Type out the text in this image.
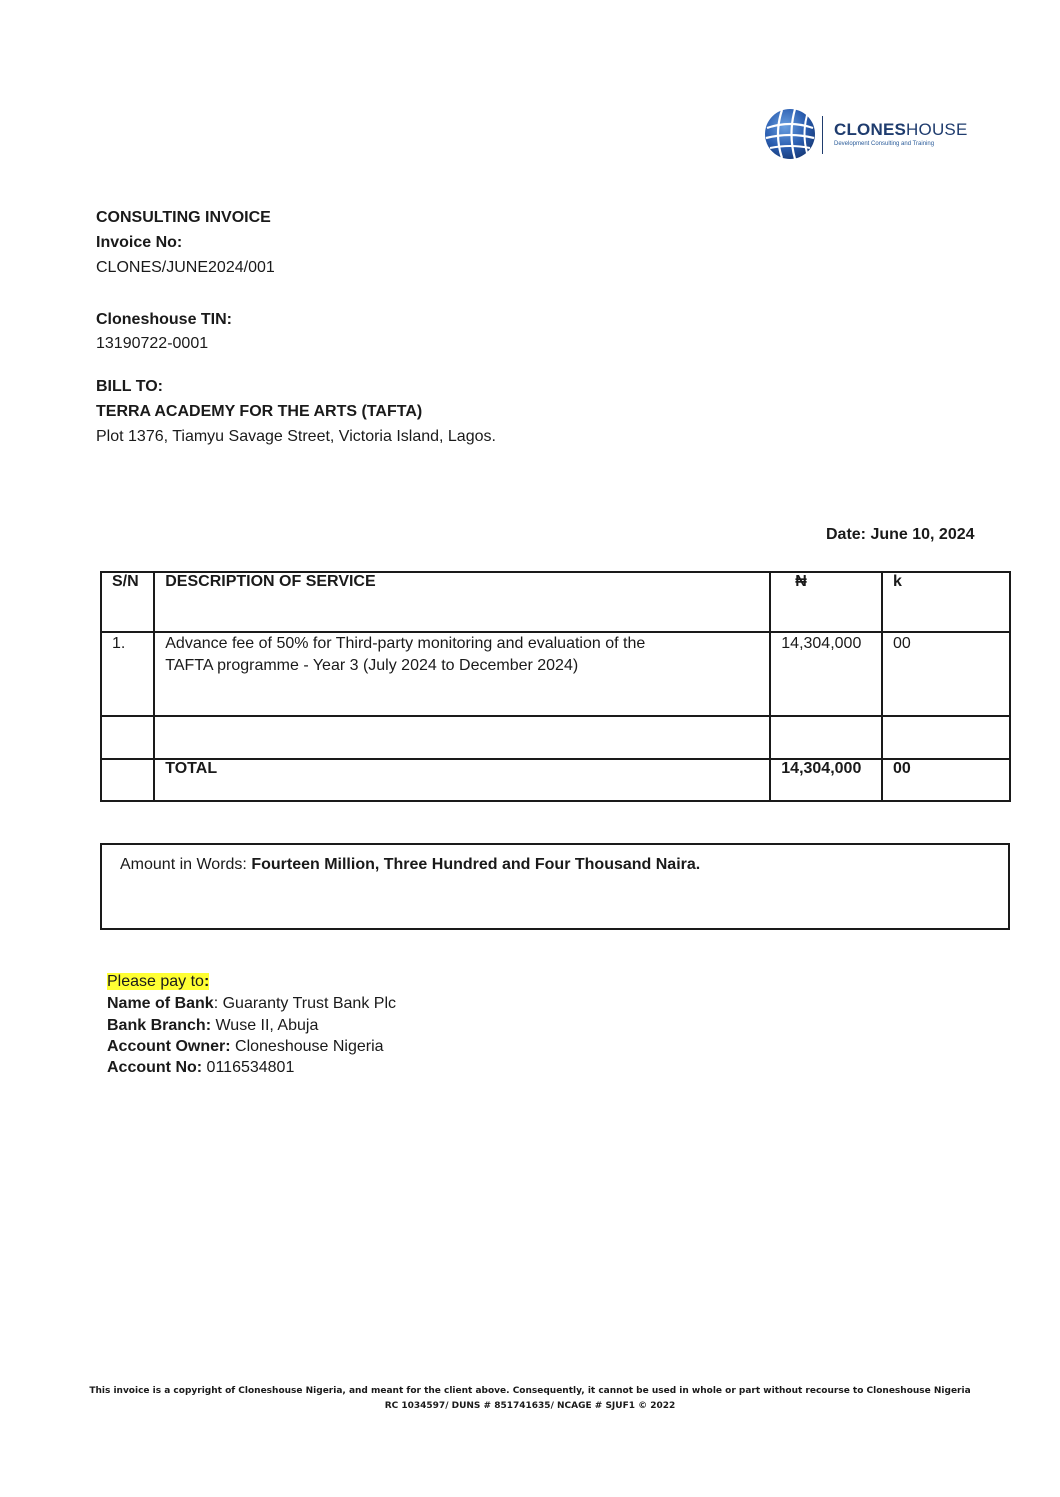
CLONESHOUSE
Development Consulting and Training
CONSULTING INVOICE
Invoice No:
CLONES/JUNE2024/001
Cloneshouse TIN:
13190722-0001
BILL TO:
TERRA ACADEMY FOR THE ARTS (TAFTA)
Plot 1376, Tiamyu Savage Street, Victoria Island, Lagos.
Date: June 10, 2024
S/N	DESCRIPTION OF SERVICE	₦	k
1.	Advance fee of 50% for Third-party monitoring and evaluation of the
TAFTA programme - Year 3 (July 2024 to December 2024)	14,304,000	00

	TOTAL	14,304,000	00
Amount in Words: Fourteen Million, Three Hundred and Four Thousand Naira.
Please pay to:
Name of Bank: Guaranty Trust Bank Plc
Bank Branch: Wuse II, Abuja
Account Owner: Cloneshouse Nigeria
Account No: 0116534801
This invoice is a copyright of Cloneshouse Nigeria, and meant for the client above. Consequently, it cannot be used in whole or part without recourse to Cloneshouse Nigeria
RC 1034597/ DUNS # 851741635/ NCAGE # SJUF1 © 2022
